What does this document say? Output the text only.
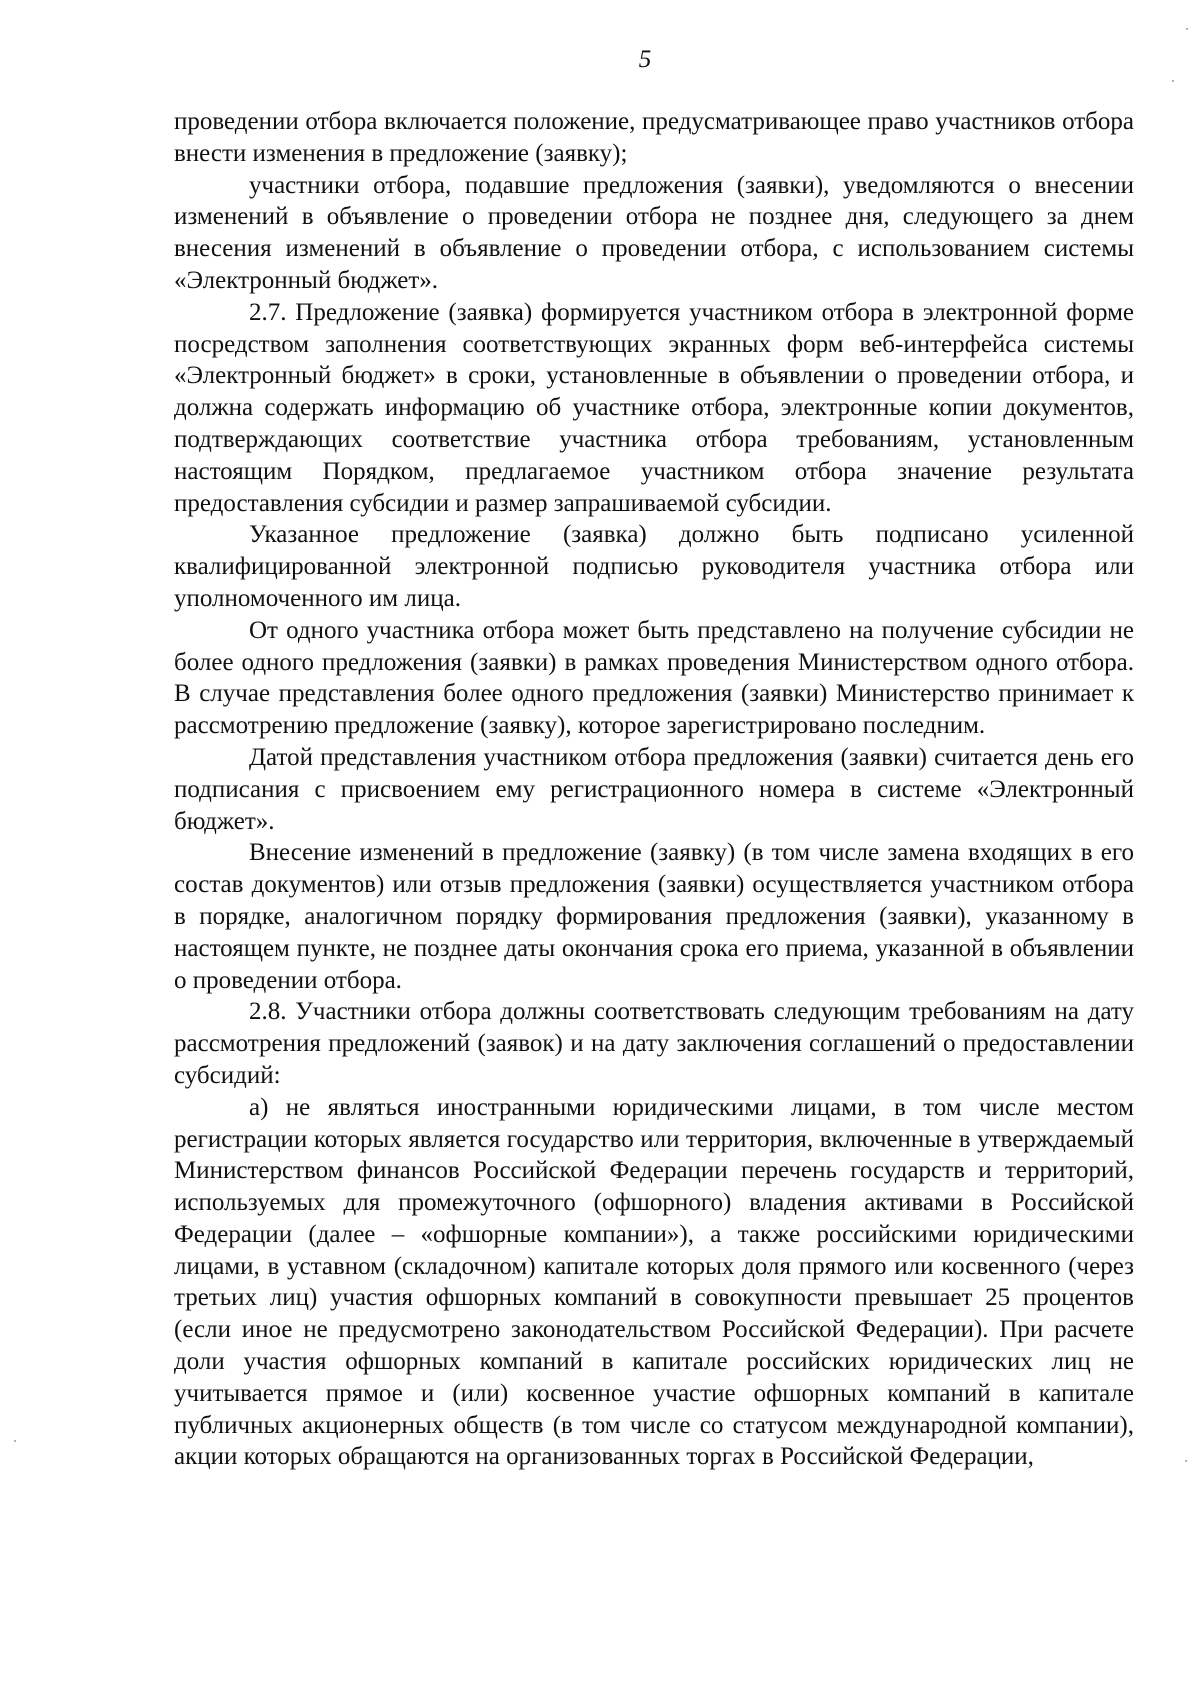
5

проведении отбора включается положение, предусматривающее право участников отбора внести изменения в предложение (заявку);

участники отбора, подавшие предложения (заявки), уведомляются о внесении изменений в объявление о проведении отбора не позднее дня, следующего за днем внесения изменений в объявление о проведении отбора, с использованием системы «Электронный бюджет».

2.7. Предложение (заявка) формируется участником отбора в электронной форме посредством заполнения соответствующих экранных форм веб-интерфейса системы «Электронный бюджет» в сроки, установленные в объявлении о проведении отбора, и должна содержать информацию об участнике отбора, электронные копии документов, подтверждающих соответствие участника отбора требованиям, установленным настоящим Порядком, предлагаемое участником отбора значение результата предоставления субсидии и размер запрашиваемой субсидии.

Указанное предложение (заявка) должно быть подписано усиленной квалифицированной электронной подписью руководителя участника отбора или уполномоченного им лица.

От одного участника отбора может быть представлено на получение субсидии не более одного предложения (заявки) в рамках проведения Министерством одного отбора. В случае представления более одного предложения (заявки) Министерство принимает к рассмотрению предложение (заявку), которое зарегистрировано последним.

Датой представления участником отбора предложения (заявки) считается день его подписания с присвоением ему регистрационного номера в системе «Электронный бюджет».

Внесение изменений в предложение (заявку) (в том числе замена входящих в его состав документов) или отзыв предложения (заявки) осуществляется участником отбора в порядке, аналогичном порядку формирования предложения (заявки), указанному в настоящем пункте, не позднее даты окончания срока его приема, указанной в объявлении о проведении отбора.

2.8. Участники отбора должны соответствовать следующим требованиям на дату рассмотрения предложений (заявок) и на дату заключения соглашений о предоставлении субсидий:

а) не являться иностранными юридическими лицами, в том числе местом регистрации которых является государство или территория, включенные в утверждаемый Министерством финансов Российской Федерации перечень государств и территорий, используемых для промежуточного (офшорного) владения активами в Российской Федерации (далее – «офшорные компании»), а также российскими юридическими лицами, в уставном (складочном) капитале которых доля прямого или косвенного (через третьих лиц) участия офшорных компаний в совокупности превышает 25 процентов (если иное не предусмотрено законодательством Российской Федерации). При расчете доли участия офшорных компаний в капитале российских юридических лиц не учитывается прямое и (или) косвенное участие офшорных компаний в капитале публичных акционерных обществ (в том числе со статусом международной компании), акции которых обращаются на организованных торгах в Российской Федерации,
